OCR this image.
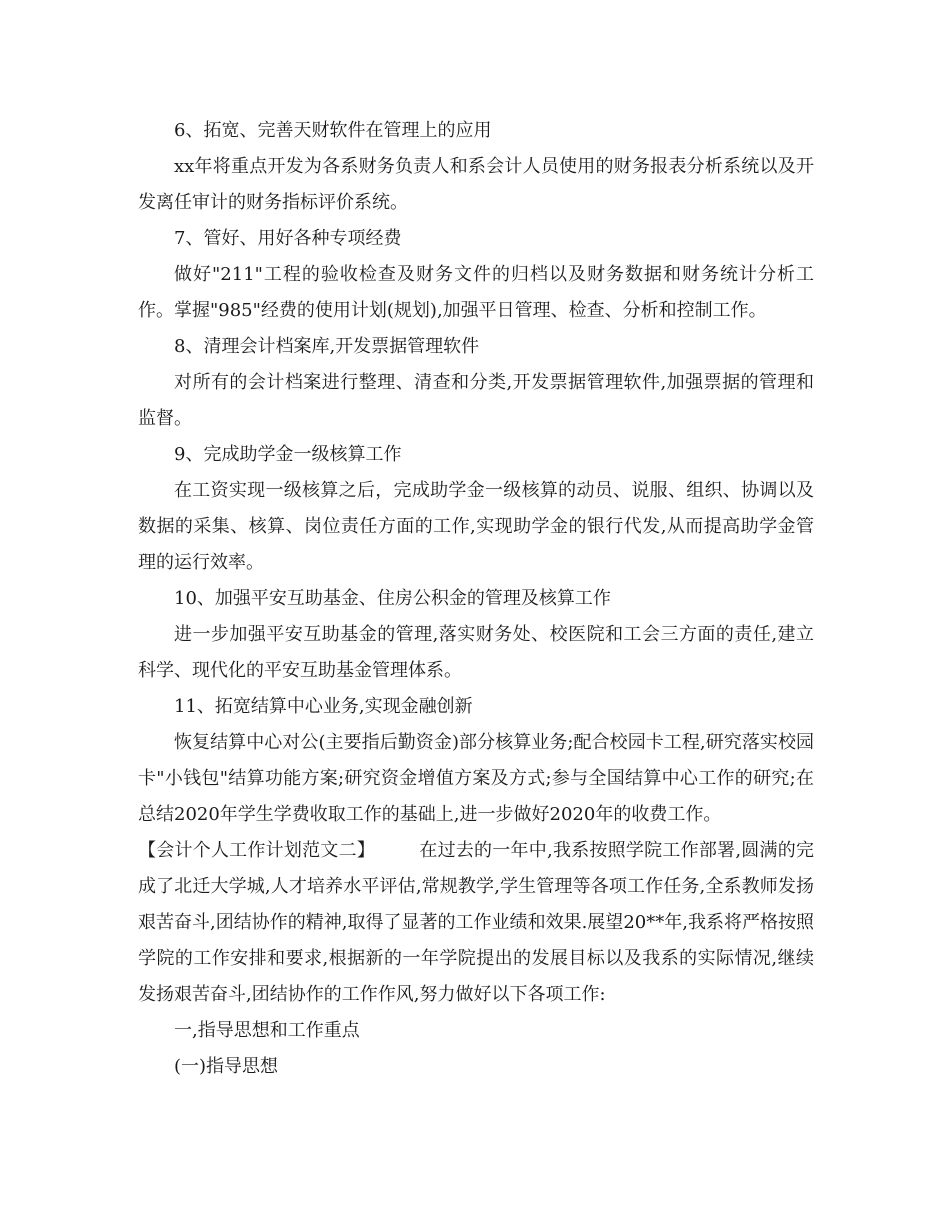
6、拓宽、完善天财软件在管理上的应用

xx年将重点开发为各系财务负责人和系会计人员使用的财务报表分析系统以及开发离任审计的财务指标评价系统。

7、管好、用好各种专项经费

做好"211"工程的验收检查及财务文件的归档以及财务数据和财务统计分析工作。掌握"985"经费的使用计划(规划),加强平日管理、检查、分析和控制工作。

8、清理会计档案库,开发票据管理软件

对所有的会计档案进行整理、清查和分类,开发票据管理软件,加强票据的管理和监督。

9、完成助学金一级核算工作

在工资实现一级核算之后，完成助学金一级核算的动员、说服、组织、协调以及数据的采集、核算、岗位责任方面的工作,实现助学金的银行代发,从而提高助学金管理的运行效率。

10、加强平安互助基金、住房公积金的管理及核算工作

进一步加强平安互助基金的管理,落实财务处、校医院和工会三方面的责任,建立科学、现代化的平安互助基金管理体系。

11、拓宽结算中心业务,实现金融创新

恢复结算中心对公(主要指后勤资金)部分核算业务;配合校园卡工程,研究落实校园卡"小钱包"结算功能方案;研究资金增值方案及方式;参与全国结算中心工作的研究;在总结2020年学生学费收取工作的基础上,进一步做好2020年的收费工作。

【会计个人工作计划范文二】 在过去的一年中,我系按照学院工作部署,圆满的完成了北迁大学城,人才培养水平评估,常规教学,学生管理等各项工作任务,全系教师发扬艰苦奋斗,团结协作的精神,取得了显著的工作业绩和效果.展望20**年,我系将严格按照学院的工作安排和要求,根据新的一年学院提出的发展目标以及我系的实际情况,继续发扬艰苦奋斗,团结协作的工作作风,努力做好以下各项工作:

一,指导思想和工作重点

(一)指导思想
